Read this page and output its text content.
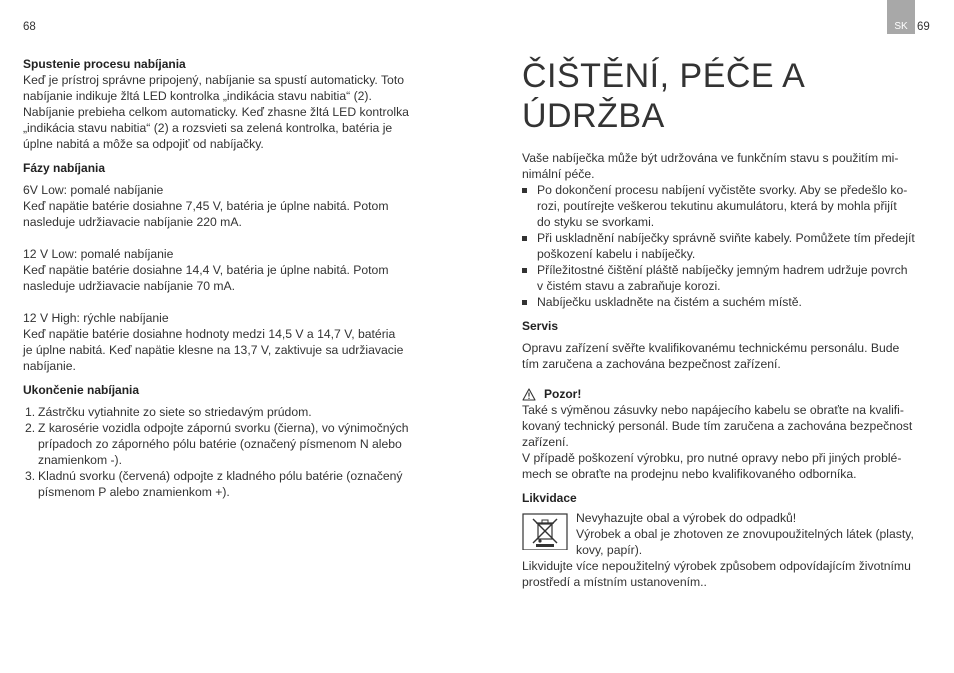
68	SK 69
Spustenie procesu nabíjania
Keď je prístroj správne pripojený, nabíjanie sa spustí automaticky. Toto
nabíjanie indikuje žltá LED kontrolka „indikácia stavu nabitia“ (2).
Nabíjanie prebieha celkom automaticky. Keď zhasne žltá LED kontrolka
„indikácia stavu nabitia“ (2) a rozsvieti sa zelená kontrolka, batéria je
úplne nabitá a môže sa odpojiť od nabíjačky.
Fázy nabíjania
6V Low: pomalé nabíjanie
Keď napätie batérie dosiahne 7,45 V, batéria je úplne nabitá. Potom
nasleduje udržiavacie nabíjanie 220 mA.
12 V Low: pomalé nabíjanie
Keď napätie batérie dosiahne 14,4 V, batéria je úplne nabitá. Potom
nasleduje udržiavacie nabíjanie 70 mA.
12 V High: rýchle nabíjanie
Keď napätie batérie dosiahne hodnoty medzi 14,5 V a 14,7 V, batéria
je úplne nabitá. Keď napätie klesne na 13,7 V, zaktivuje sa udržiavacie
nabíjanie.
Ukončenie nabíjania
1. Zástrčku vytiahnite zo siete so striedavým prúdom.
2. Z karosérie vozidla odpojte zápornú svorku (čierna), vo výnimočných
prípadoch zo záporného pólu batérie (označený písmenom N alebo
znamienkom -).
3. Kladnú svorku (červená) odpojte z kladného pólu batérie (označený
písmenom P alebo znamienkom +).
ČIŠTĚNÍ, PÉČE A ÚDRŽBA
Vaše nabíječka může být udržována ve funkčním stavu s použitím mi-
nimální péče.
Po dokončení procesu nabíjení vyčistěte svorky. Aby se předešlo ko-
rozi, poutírejte veškerou tekutinu akumulátoru, která by mohla přijít
do styku se svorkami.
Při uskladnění nabíječky správně sviňte kabely. Pomůžete tím předejít
poškození kabelu i nabíječky.
Příležitostné čištění pláště nabíječky jemným hadrem udržuje povrch
v čistém stavu a zabraňuje korozi.
Nabíječku uskladněte na čistém a suchém místě.
Servis
Opravu zařízení svěřte kvalifikovanému technickému personálu. Bude
tím zaručena a zachována bezpečnost zařízení.
Pozor!
Také s výměnou zásuvky nebo napájecího kabelu se obraťte na kvalifi-
kovaný technický personál. Bude tím zaručena a zachována bezpečnost
zařízení.
V případě poškození výrobku, pro nutné opravy nebo při jiných problé-
mech se obraťte na prodejnu nebo kvalifikovaného odborníka.
Likvidace
Nevyhazujte obal a výrobek do odpadků!
Výrobek a obal je zhotoven ze znovupoužitelných látek (plasty,
kovy, papír).
Likvidujte více nepoužitelný výrobek způsobem odpovídajícím životnímu
prostředí a místním ustanovením..
